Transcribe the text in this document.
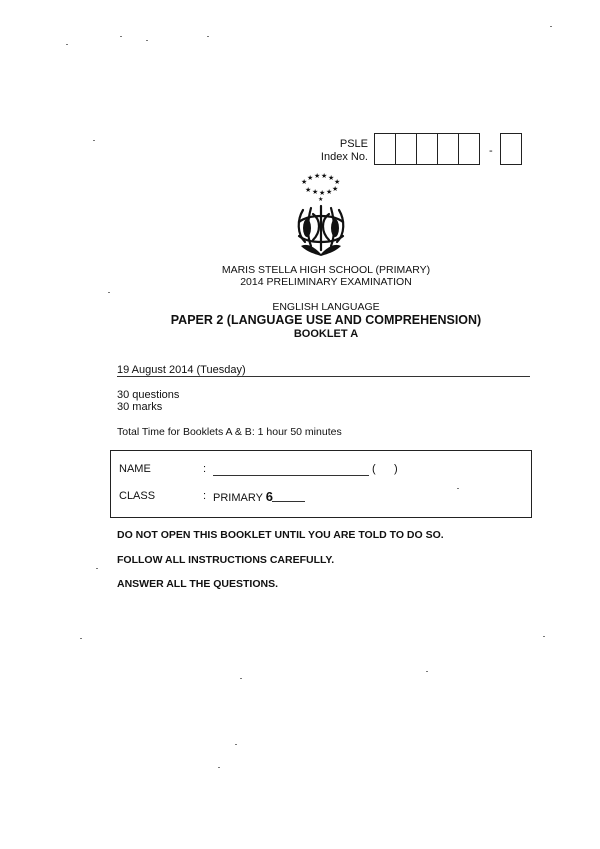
PSLE
Index No.	-
★ ★ ★ ★ ★ ★
★ ★ ★ ★ ★
★
MARIS STELLA HIGH SCHOOL (PRIMARY)
2014 PRELIMINARY EXAMINATION
ENGLISH LANGUAGE
PAPER 2 (LANGUAGE USE AND COMPREHENSION)
BOOKLET A
19 August 2014 (Tuesday)
30 questions
30 marks
Total Time for Booklets A & B: 1 hour 50 minutes
NAME	:	(      )
CLASS	: PRIMARY 6
DO NOT OPEN THIS BOOKLET UNTIL YOU ARE TOLD TO DO SO.
FOLLOW ALL INSTRUCTIONS CAREFULLY.
ANSWER ALL THE QUESTIONS.
